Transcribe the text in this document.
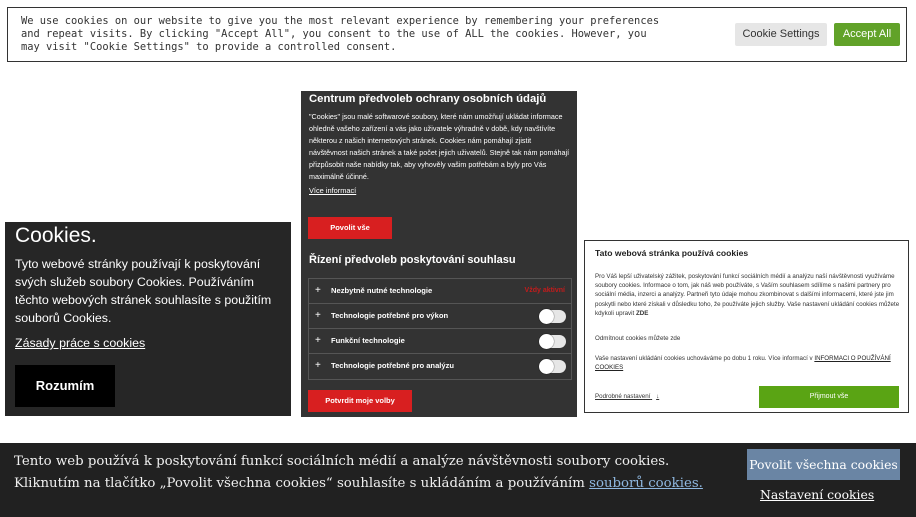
We use cookies on our website to give you the most relevant experience by remembering your preferences and repeat visits. By clicking "Accept All", you consent to the use of ALL the cookies. However, you may visit "Cookie Settings" to provide a controlled consent.
Cookie Settings	Accept All
Cookies.
Tyto webové stránky používají k poskytování svých služeb soubory Cookies. Používáním těchto webových stránek souhlasíte s použitím souborů Cookies.
Zásady práce s cookies
Rozumím
Centrum předvoleb ochrany osobních údajů
"Cookies" jsou malé softwarové soubory, které nám umožňují ukládat informace ohledně vašeho zařízení a vás jako uživatele výhradně v době, kdy navštívíte některou z našich internetových stránek. Cookies nám pomáhají zjistit návštěvnost našich stránek a také počet jejich uživatelů. Stejně tak nám pomáhají přizpůsobit naše nabídky tak, aby vyhověly vašim potřebám a byly pro Vás maximálně účinné.
Více informací
Povolit vše
Řízení předvoleb poskytování souhlasu
+ Nezbytně nutné technologie	Vždy aktivní
+ Technologie potřebné pro výkon
+ Funkční technologie
+ Technologie potřebné pro analýzu
Potvrdit moje volby
Tato webová stránka používá cookies
Pro Váš lepší uživatelský zážitek, poskytování funkcí sociálních médií a analýzu naší návštěvnosti využíváme soubory cookies. Informace o tom, jak náš web používáte, s Vaším souhlasem sdílíme s našimi partnery pro sociální média, inzerci a analýzy. Partneři tyto údaje mohou zkombinovat s dalšími informacemi, které jste jim poskytli nebo které získali v důsledku toho, že používáte jejich služby. Vaše nastavení ukládání cookies můžete kdykoli upravit ZDE
Odmítnout cookies můžete zde
Vaše nastavení ukládání cookies uchováváme po dobu 1 roku. Více informací v INFORMACI O POUŽÍVÁNÍ COOKIES
Podrobné nastavení ↓	Přijmout vše
Tento web používá k poskytování funkcí sociálních médií a analýze návštěvnosti soubory cookies. Kliknutím na tlačítko „Povolit všechna cookies“ souhlasíte s ukládáním a používáním souborů cookies.
Povolit všechna cookies
Nastavení cookies
